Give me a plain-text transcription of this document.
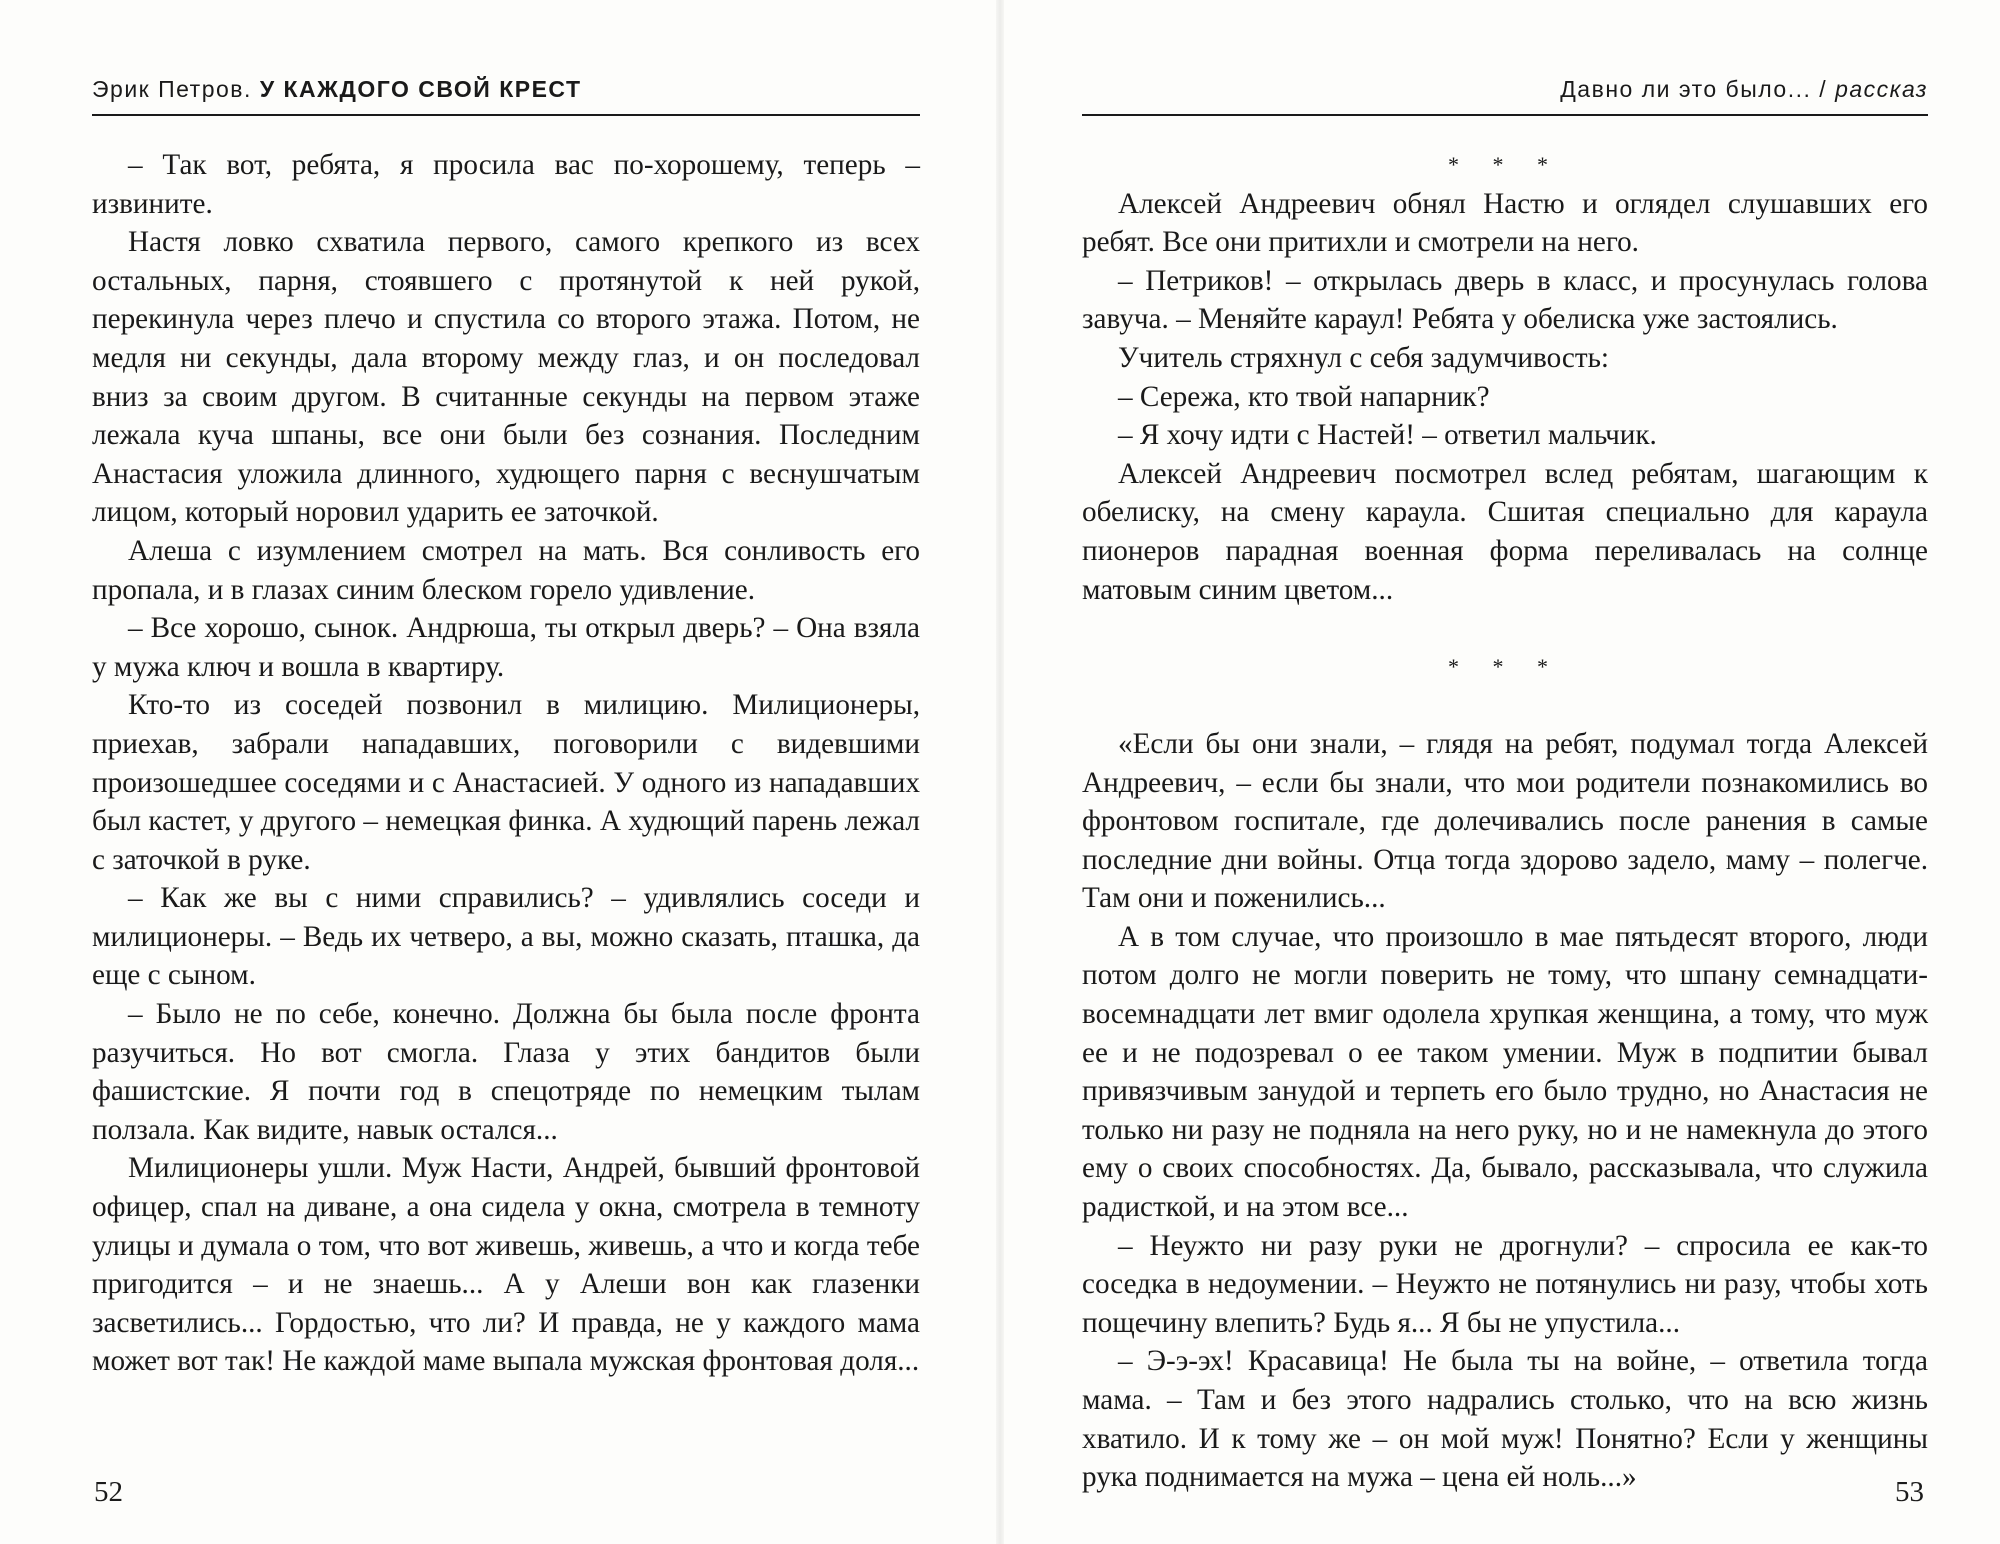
Эрик Петров. У КАЖДОГО СВОЙ КРЕСТ

– Так вот, ребята, я просила вас по-хорошему, теперь – извините.

Настя ловко схватила первого, самого крепкого из всех остальных, парня, стоявшего с протянутой к ней рукой, перекинула через плечо и спустила со второго этажа. Потом, не медля ни секунды, дала второму между глаз, и он последовал вниз за своим другом. В считанные секунды на первом этаже лежала куча шпаны, все они были без сознания. Последним Анастасия уложила длинного, худющего парня с веснушчатым лицом, который норовил ударить ее заточкой.

Алеша с изумлением смотрел на мать. Вся сонливость его пропала, и в глазах синим блеском горело удивление.

– Все хорошо, сынок. Андрюша, ты открыл дверь? – Она взяла у мужа ключ и вошла в квартиру.

Кто-то из соседей позвонил в милицию. Милиционеры, приехав, забрали нападавших, поговорили с видевшими произошедшее соседями и с Анастасией. У одного из нападавших был кастет, у другого – немецкая финка. А худющий парень лежал с заточкой в руке.

– Как же вы с ними справились? – удивлялись соседи и милиционеры. – Ведь их четверо, а вы, можно сказать, пташка, да еще с сыном.

– Было не по себе, конечно. Должна бы была после фронта разучиться. Но вот смогла. Глаза у этих бандитов были фашистские. Я почти год в спецотряде по немецким тылам ползала. Как видите, навык остался...

Милиционеры ушли. Муж Насти, Андрей, бывший фронтовой офицер, спал на диване, а она сидела у окна, смотрела в темноту улицы и думала о том, что вот живешь, живешь, а что и когда тебе пригодится – и не знаешь... А у Алеши вон как глазенки засветились... Гордостью, что ли? И правда, не у каждого мама может вот так! Не каждой маме выпала мужская фронтовая доля...

52
Давно ли это было... / рассказ

* * *

Алексей Андреевич обнял Настю и оглядел слушавших его ребят. Все они притихли и смотрели на него.

– Петриков! – открылась дверь в класс, и просунулась голова завуча. – Меняйте караул! Ребята у обелиска уже застоялись.

Учитель стряхнул с себя задумчивость:

– Сережа, кто твой напарник?

– Я хочу идти с Настей! – ответил мальчик.

Алексей Андреевич посмотрел вслед ребятам, шагающим к обелиску, на смену караула. Сшитая специально для караула пионеров парадная военная форма переливалась на солнце матовым синим цветом...

* * *

«Если бы они знали, – глядя на ребят, подумал тогда Алексей Андреевич, – если бы знали, что мои родители познакомились во фронтовом госпитале, где долечивались после ранения в самые последние дни войны. Отца тогда здорово задело, маму – полегче. Там они и поженились...

А в том случае, что произошло в мае пятьдесят второго, люди потом долго не могли поверить не тому, что шпану семнадцати-восемнадцати лет вмиг одолела хрупкая женщина, а тому, что муж ее и не подозревал о ее таком умении. Муж в подпитии бывал привязчивым занудой и терпеть его было трудно, но Анастасия не только ни разу не подняла на него руку, но и не намекнула до этого ему о своих способностях. Да, бывало, рассказывала, что служила радисткой, и на этом все...

– Неужто ни разу руки не дрогнули? – спросила ее как-то соседка в недоумении. – Неужто не потянулись ни разу, чтобы хоть пощечину влепить? Будь я... Я бы не упустила...

– Э-э-эх! Красавица! Не была ты на войне, – ответила тогда мама. – Там и без этого надрались столько, что на всю жизнь хватило. И к тому же – он мой муж! Понятно? Если у женщины рука поднимается на мужа – цена ей ноль...»	53
